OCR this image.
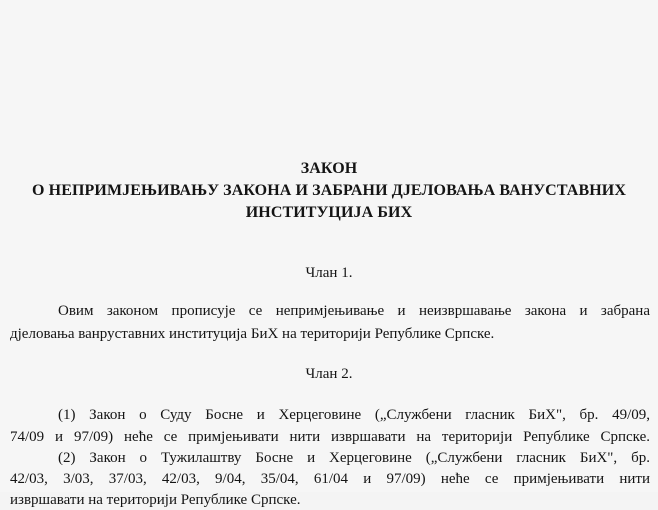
ЗАКОН
О НЕПРИМЈЕЊИВАЊУ ЗАКОНА И ЗАБРАНИ ДЈЕЛОВАЊА ВАНУСТАВНИХ
ИНСТИТУЦИЈА БИХ
Члан 1.
Овим законом прописује се непримјењивање и неизвршавање закона и забрана
дјеловања ванруставних институција БиХ на територији Републике Српске.
Члан 2.
(1) Закон о Суду Босне и Херцеговине („Службени гласник БиХ", бр. 49/09,
74/09 и 97/09) неће се примјењивати нити извршавати на територији Републике Српске.
(2) Закон о Тужилаштву Босне и Херцеговине („Службени гласник БиХ", бр.
42/03, 3/03, 37/03, 42/03, 9/04, 35/04, 61/04 и 97/09) неће се примјењивати нити
извршавати на територији Републике Српске.
